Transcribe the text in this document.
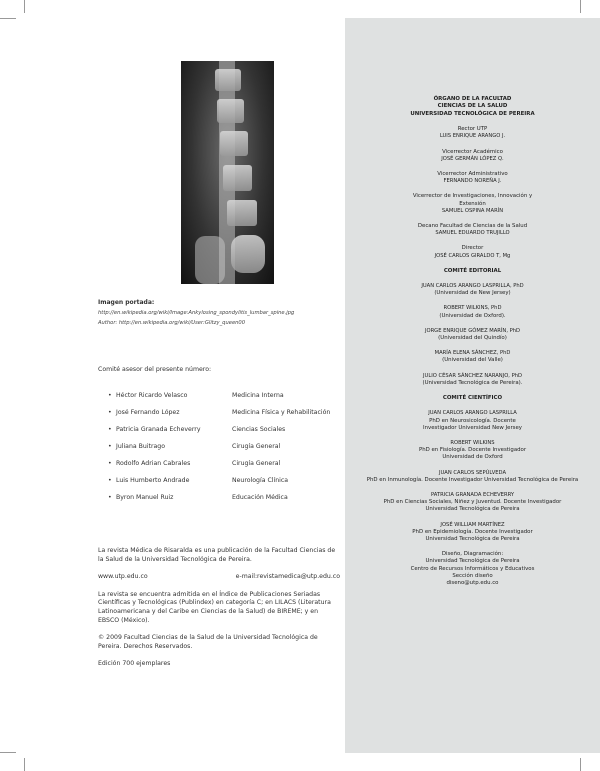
Imagen portada:
http://en.wikipedia.org/wiki/Image:Ankylosing_spondylitis_lumbar_spine.jpg
Author: http://en.wikipedia.org/wiki/User:Glitzy_queen00
Comité asesor del presente número:
• Héctor Ricardo Velasco	Medicina Interna
• José Fernando López	Medicina Física y Rehabilitación
• Patricia Granada Echeverry	Ciencias Sociales
• Juliana Buitrago	Cirugía General
• Rodolfo Adrian Cabrales	Cirugía General
• Luis Humberto Andrade	Neurología Clínica
• Byron Manuel Ruiz	Educación Médica

La revista Médica de Risaralda es una publicación de la Facultad Ciencias de la Salud de la Universidad Tecnológica de Pereira.

www.utp.edu.co	e-mail:revistamedica@utp.edu.co

La revista se encuentra admitida en el Índice de Publicaciones Seriadas Científicas y Tecnológicas (Publindex) en categoría C; en LILACS (Literatura Latinoamericana y del Caribe en Ciencias de la Salud) de BIREME; y en EBSCO (México).

© 2009 Facultad Ciencias de la Salud de la Universidad Tecnológica de Pereira. Derechos Reservados.

Edición 700 ejemplares

ÓRGANO DE LA FACULTAD
CIENCIAS DE LA SALUD
UNIVERSIDAD TECNOLÓGICA DE PEREIRA
Rector UTP
LUIS ENRIQUE ARANGO J.
Vicerrector Académico
JOSÉ GERMÁN LÓPEZ Q.
Vicerrector Administrativo
FERNANDO NOREÑA J.
Vicerrector de Investigaciones, Innovación y Extensión
SAMUEL OSPINA MARÍN
Decano Facultad de Ciencias de la Salud
SAMUEL EDUARDO TRUJILLO
Director
JOSÉ CARLOS GIRALDO T, Mg
COMITÉ EDITORIAL
JUAN CARLOS ARANGO LASPRILLA, PhD
(Universidad de New Jersey)
ROBERT WILKINS, PhD
(Universidad de Oxford).
JORGE ENRIQUE GÓMEZ MARÍN, PhD
(Universidad del Quindío)
MARÍA ELENA SÁNCHEZ, PhD
(Universidad del Valle)
JULIO CÉSAR SÁNCHEZ NARANJO, PhD
(Universidad Tecnológica de Pereira).
COMITÉ CIENTÍFICO
JUAN CARLOS ARANGO LASPRILLA
PhD en Neurosicología. Docente Investigador Universidad New Jersey
ROBERT WILKINS
PhD en Fisiología. Docente Investigador Universidad de Oxford
JUAN CARLOS SEPÚLVEDA
PhD en Inmunología. Docente Investigador Universidad Tecnológica de Pereira
PATRICIA GRANADA ECHEVERRY
PhD en Ciencias Sociales, Niñez y Juventud. Docente Investigador Universidad Tecnológica de Pereira
JOSÉ WILLIAM MARTÍNEZ
PhD en Epidemiología. Docente Investigador Universidad Tecnológica de Pereira
Diseño, Diagramación:
Universidad Tecnológica de Pereira
Centro de Recursos Informáticos y Educativos
Sección diseño
diseno@utp.edu.co
